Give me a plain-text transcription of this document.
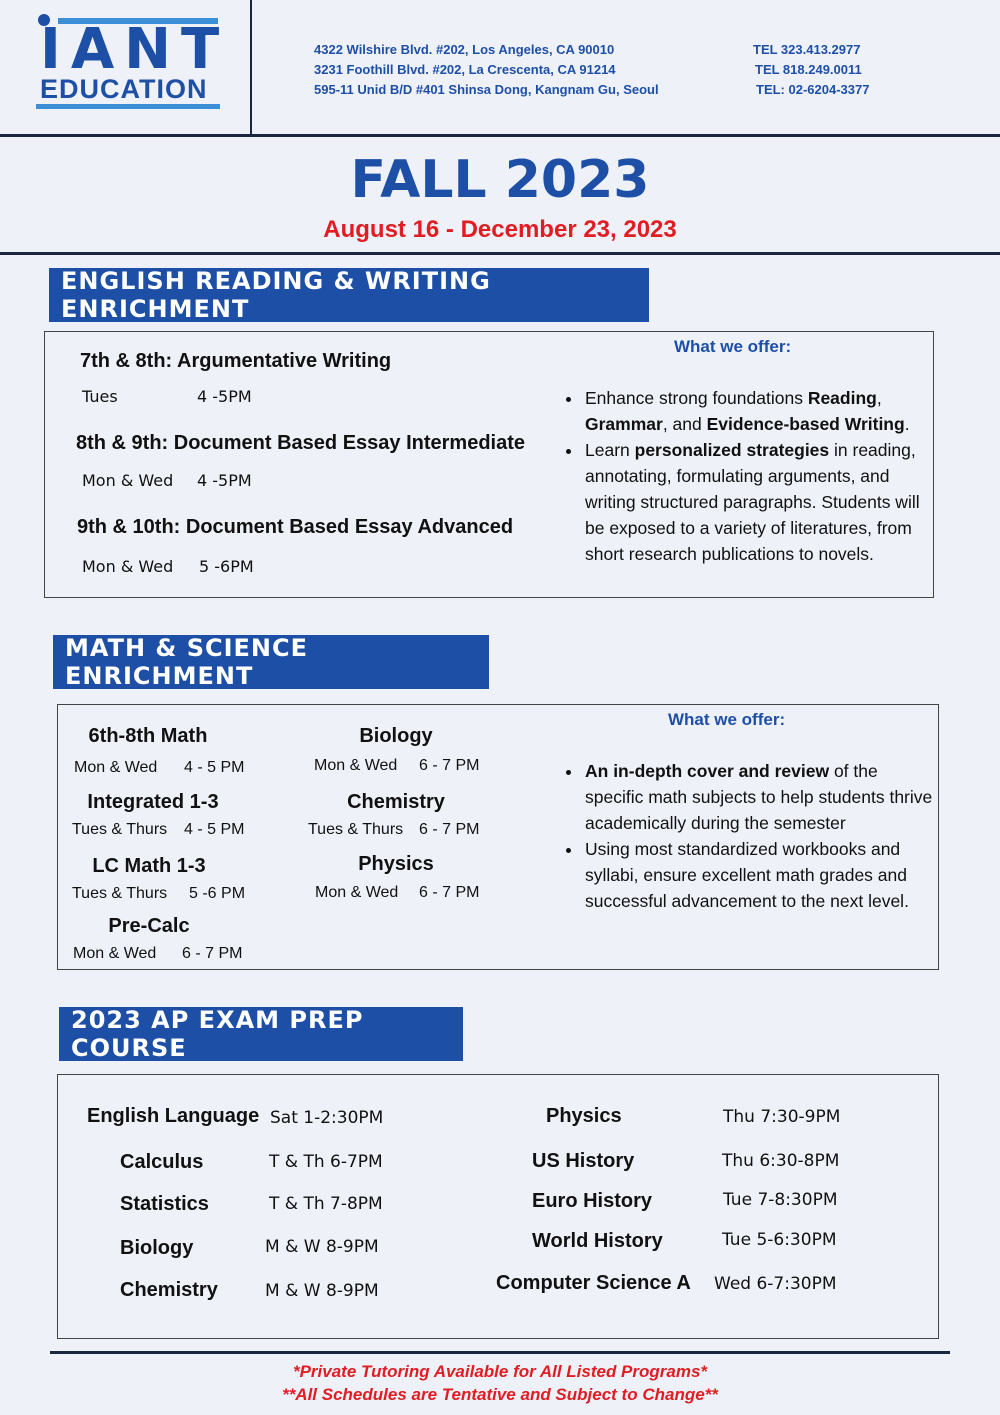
IANT
EDUCATION
4322 Wilshire Blvd. #202, Los Angeles, CA 90010
3231 Foothill Blvd. #202, La Crescenta, CA 91214
595-11 Unid B/D #401 Shinsa Dong, Kangnam Gu, Seoul
TEL 323.413.2977
TEL 818.249.0011
TEL: 02-6204-3377
FALL 2023
August 16 - December 23, 2023
ENGLISH READING & WRITING ENRICHMENT
7th & 8th: Argumentative Writing
Tues	4 -5PM
8th & 9th: Document Based Essay Intermediate
Mon & Wed 4 -5PM
9th & 10th: Document Based Essay Advanced
Mon & Wed 5 -6PM
What we offer:
• Enhance strong foundations Reading, Grammar, and Evidence-based Writing.
• Learn personalized strategies in reading, annotating, formulating arguments, and writing structured paragraphs. Students will be exposed to a variety of literatures, from short research publications to novels.
MATH & SCIENCE ENRICHMENT
6th-8th Math
Mon & Wed 4 - 5 PM
Integrated 1-3
Tues & Thurs 4 - 5 PM
LC Math 1-3
Tues & Thurs 5 -6 PM
Pre-Calc
Mon & Wed 6 - 7 PM
Biology
Mon & Wed 6 - 7 PM
Chemistry
Tues & Thurs 6 - 7 PM
Physics
Mon & Wed 6 - 7 PM
What we offer:
• An in-depth cover and review of the specific math subjects to help students thrive academically during the semester
• Using most standardized workbooks and syllabi, ensure excellent math grades and successful advancement to the next level.
2023 AP EXAM PREP COURSE
English Language Sat 1-2:30PM
Calculus	T & Th 6-7PM
Statistics	T & Th 7-8PM
Biology	M & W 8-9PM
Chemistry	M & W 8-9PM
Physics	Thu 7:30-9PM
US History	Thu 6:30-8PM
Euro History	Tue 7-8:30PM
World History	Tue 5-6:30PM
Computer Science A Wed 6-7:30PM
*Private Tutoring Available for All Listed Programs*
**All Schedules are Tentative and Subject to Change**
